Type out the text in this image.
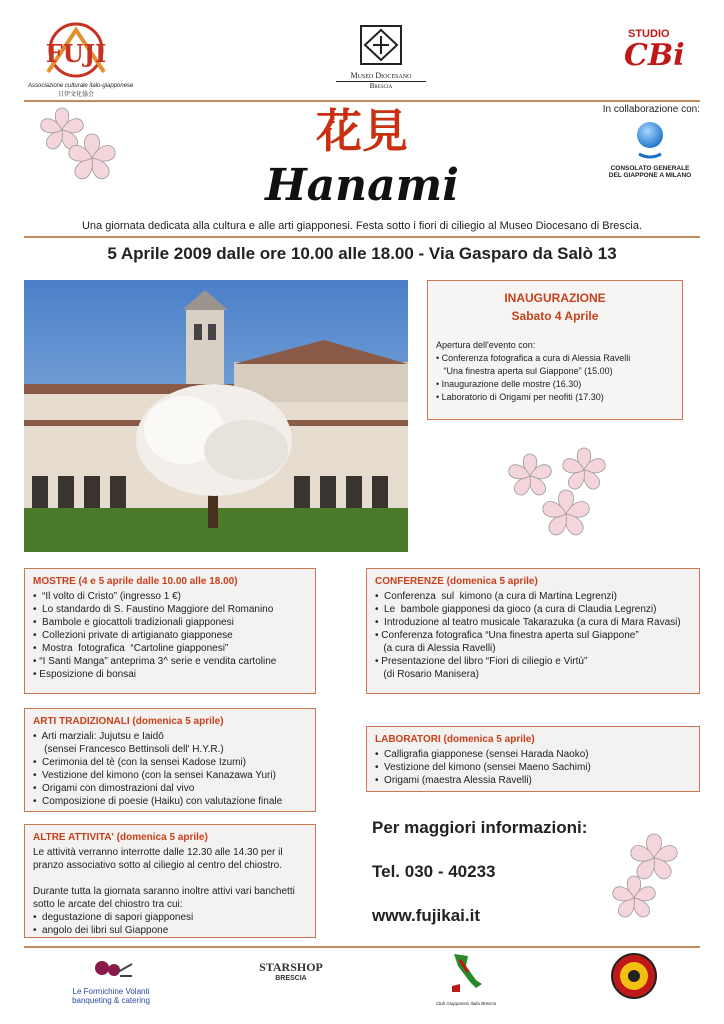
FUJI
Associazione culturale italo-giapponese
日伊文化協会
Museo Diocesano
Brescia
STUDIO
CBi
花見
Hanami
In collaborazione con:
CONSOLATO GENERALE
DEL GIAPPONE A MILANO
Una giornata dedicata alla cultura e alle arti giapponesi. Festa sotto i fiori di ciliegio al Museo Diocesano di Brescia.
5 Aprile 2009 dalle ore 10.00 alle 18.00 - Via Gasparo da Salò 13
INAUGURAZIONE
Sabato 4 Aprile
Apertura dell'evento con:
• Conferenza fotografica a cura di Alessia Ravelli
“Una finestra aperta sul Giappone” (15.00)
• Inaugurazione delle mostre (16.30)
• Laboratorio di Origami per neofiti (17.30)
MOSTRE (4 e 5 aprile dalle 10.00 alle 18.00)
•  “Il volto di Cristo” (ingresso 1 €)
•  Lo standardo di S. Faustino Maggiore del Romanino
•  Bambole e giocattoli tradizionali giapponesi
•  Collezioni private di artigianato giapponese
•  Mostra  fotografica  “Cartoline giapponesi”
• “I Santi Manga” anteprima 3^ serie e vendita cartoline
• Esposizione di bonsai
CONFERENZE (domenica 5 aprile)
•  Conferenza  sul  kimono (a cura di Martina Legrenzi)
•  Le  bambole giapponesi da gioco (a cura di Claudia Legrenzi)
•  Introduzione al teatro musicale Takarazuka (a cura di Mara Ravasi)
• Conferenza fotografica “Una finestra aperta sul Giappone”
(a cura di Alessia Ravelli)
• Presentazione del libro “Fiori di ciliegio e Virtù”
(di Rosario Manisera)
ARTI TRADIZIONALI (domenica 5 aprile)
•  Arti marziali: Jujutsu e Iaidō
(sensei Francesco Bettinsoli dell' H.Y.R.)
•  Cerimonia del tè (con la sensei Kadose Izumi)
•  Vestizione del kimono (con la sensei Kanazawa Yuri)
•  Origami con dimostrazioni dal vivo
•  Composizione di poesie (Haiku) con valutazione finale
LABORATORI (domenica 5 aprile)
•  Calligrafia giapponese (sensei Harada Naoko)
•  Vestizione del kimono (sensei Maeno Sachimi)
•  Origami (maestra Alessia Ravelli)
ALTRE ATTIVITA' (domenica 5 aprile)
Le attività verranno interrotte dalle 12.30 alle 14.30 per il pranzo associativo sotto al ciliegio al centro del chiostro.
Durante tutta la giornata saranno inoltre attivi vari banchetti sotto le arcate del chiostro tra cui:
•  degustazione di sapori giapponesi
•  angolo dei libri sul Giappone
Per maggiori informazioni:
Tel. 030 - 40233
www.fujikai.it
Le Formichine Volanti
banqueting & catering
STARSHOP
BRESCIA
Club Giapponesi Italia Brescia
